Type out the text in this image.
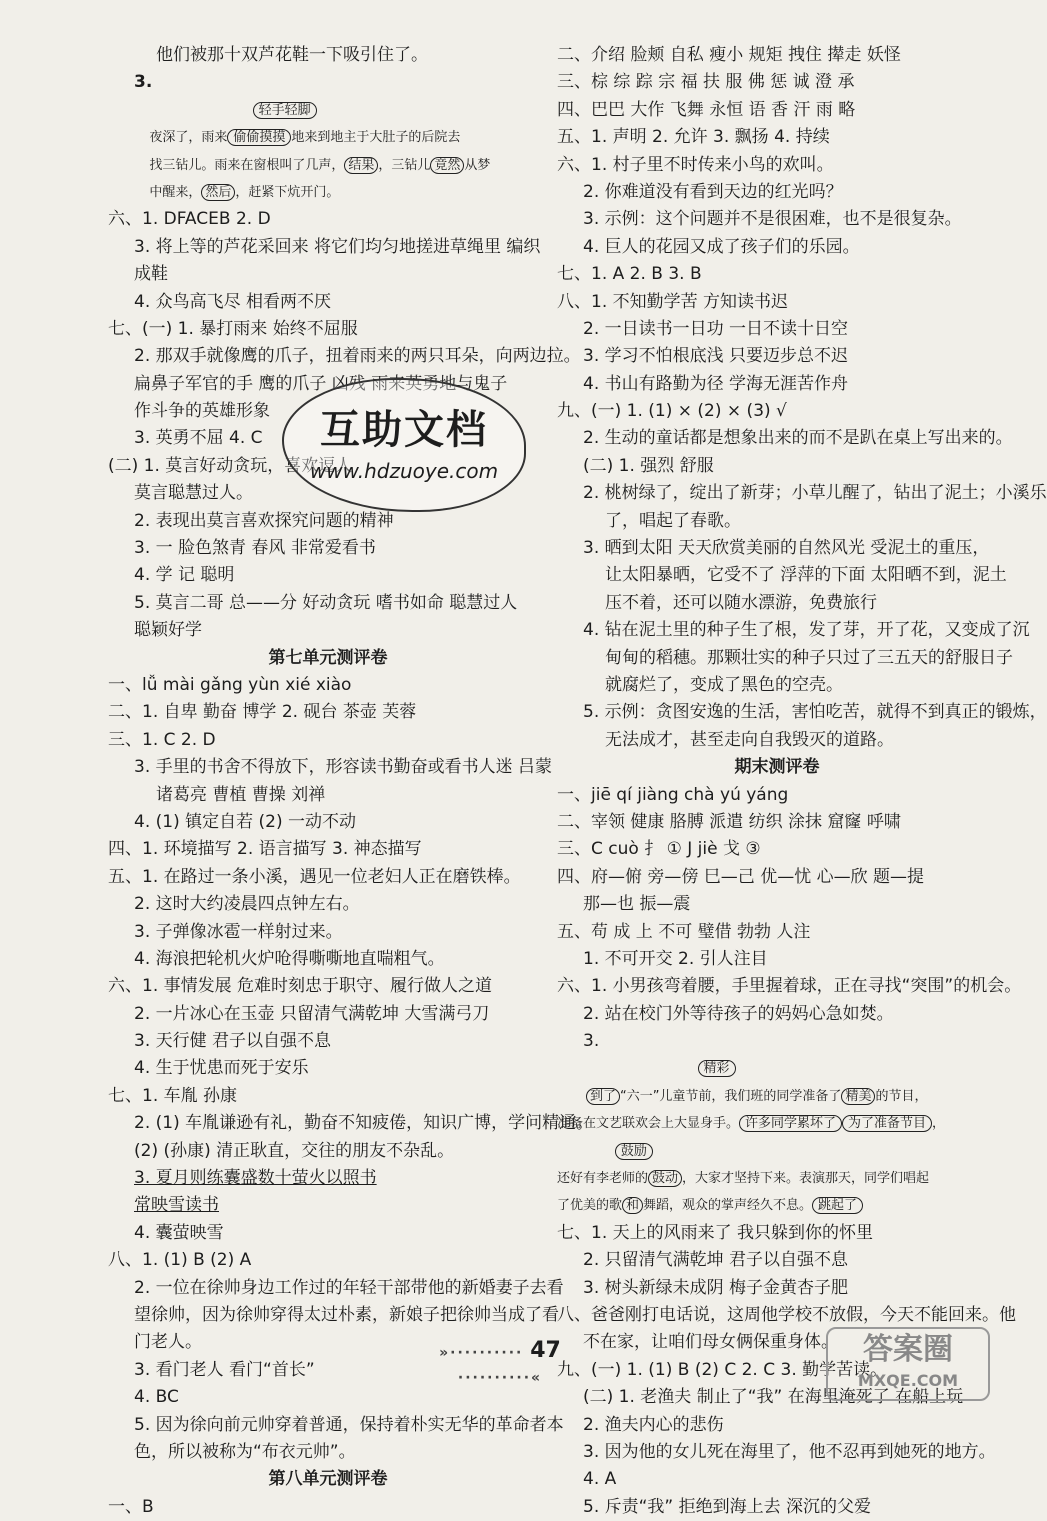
他们被那十双芦花鞋一下吸引住了。
3.
轻手轻脚
夜深了，雨来 偷偷摸摸 地来到地主于大肚子的后院去
找三钻儿。雨来在窗根叫了几声， 结果 ，三钻儿 竟然 从梦
中醒来， 然后 ，赶紧下炕开门。
六、1. DFACEB 2. D
3. 将上等的芦花采回来 将它们均匀地搓进草绳里 编织
成鞋
4. 众鸟高飞尽 相看两不厌
七、(一) 1. 暴打雨来 始终不屈服
2. 那双手就像鹰的爪子，扭着雨来的两只耳朵，向两边拉。
扁鼻子军官的手 鹰的爪子 凶残 雨来英勇地与鬼子
作斗争的英雄形象
3. 英勇不屈 4. C
(二) 1. 莫言好动贪玩，喜欢逗人
莫言聪慧过人。
2. 表现出莫言喜欢探究问题的精神
3. 一 脸色煞青 春风 非常爱看书
4. 学 记 聪明
5. 莫言二哥 总——分 好动贪玩 嗜书如命 聪慧过人
聪颖好学
第七单元测评卷
一、lǚ mài gǎng yùn xié xiào
二、1. 自卑 勤奋 博学 2. 砚台 茶壶 芙蓉
三、1. C 2. D
3. 手里的书舍不得放下，形容读书勤奋或看书人迷 吕蒙
诸葛亮 曹植 曹操 刘禅
4. (1) 镇定自若 (2) 一动不动
四、1. 环境描写 2. 语言描写 3. 神态描写
五、1. 在路过一条小溪，遇见一位老妇人正在磨铁棒。
2. 这时大约凌晨四点钟左右。
3. 子弹像冰雹一样射过来。
4. 海浪把轮机火炉呛得嘶嘶地直喘粗气。
六、1. 事情发展 危难时刻忠于职守、履行做人之道
2. 一片冰心在玉壶 只留清气满乾坤 大雪满弓刀
3. 天行健 君子以自强不息
4. 生于忧患而死于安乐
七、1. 车胤 孙康
2. (1) 车胤谦逊有礼，勤奋不知疲倦，知识广博，学问精通。
(2) (孙康) 清正耿直，交往的朋友不杂乱。
3. 夏月则练囊盛数十萤火以照书
常映雪读书
4. 囊萤映雪
八、1. (1) B (2) A
2. 一位在徐帅身边工作过的年轻干部带他的新婚妻子去看
望徐帅，因为徐帅穿得太过朴素，新娘子把徐帅当成了看
门老人。
3. 看门老人 看门“首长”
4. BC
5. 因为徐向前元帅穿着普通，保持着朴实无华的革命者本
色，所以被称为“布衣元帅”。
第八单元测评卷
一、B
二、介绍 脸颊 自私 瘦小 规矩 拽住 撵走 妖怪
三、棕 综 踪 宗 福 扶 服 佛 惩 诚 澄 承
四、巴巴 大作 飞舞 永恒 语 香 汗 雨 略
五、1. 声明 2. 允许 3. 飘扬 4. 持续
六、1. 村子里不时传来小鸟的欢叫。
2. 你难道没有看到天边的红光吗？
3. 示例：这个问题并不是很困难，也不是很复杂。
4. 巨人的花园又成了孩子们的乐园。
七、1. A 2. B 3. B
八、1. 不知勤学苦 方知读书迟
2. 一日读书一日功 一日不读十日空
3. 学习不怕根底浅 只要迈步总不迟
4. 书山有路勤为径 学海无涯苦作舟
九、(一) 1. (1) × (2) × (3) √
2. 生动的童话都是想象出来的而不是趴在桌上写出来的。
(二) 1. 强烈 舒服
2. 桃树绿了，绽出了新芽；小草儿醒了，钻出了泥土；小溪乐
了，唱起了春歌。
3. 晒到太阳 天天欣赏美丽的自然风光 受泥土的重压，
让太阳暴晒，它受不了 浮萍的下面 太阳晒不到，泥土
压不着，还可以随水漂游，免费旅行
4. 钻在泥土里的种子生了根，发了芽，开了花，又变成了沉
甸甸的稻穗。那颗壮实的种子只过了三五天的舒服日子
就腐烂了，变成了黑色的空壳。
5. 示例：贪图安逸的生活，害怕吃苦，就得不到真正的锻炼，
无法成才，甚至走向自我毁灭的道路。
期末测评卷
一、jiē qí jiàng chà yú yáng
二、宰领 健康 胳膊 派遣 纺织 涂抹 窟窿 呼啸
三、C cuò 扌 ① J jiè 戈 ③
四、府—俯 旁—傍 巳—己 优—忧 心—欣 题—提
那—也 振—震
五、苟 成 上 不可 璧借 勃勃 人注
1. 不可开交 2. 引人注目
六、1. 小男孩弯着腰，手里握着球，正在寻找“突围”的机会。
2. 站在校门外等待孩子的妈妈心急如焚。
3.
精彩
到了 “六一”儿童节前，我们班的同学准备了 精美 的节目，
准备在文艺联欢会上大显身手。 许多同学累坏了 为了准备节目 ，
鼓励
还好有李老师的 鼓动 ，大家才坚持下来。表演那天，同学们唱起
了优美的歌 和 舞蹈，观众的掌声经久不息。 跳起了
七、1. 天上的风雨来了 我只躲到你的怀里
2. 只留清气满乾坤 君子以自强不息
3. 树头新绿未成阴 梅子金黄杏子肥
八、爸爸刚打电话说，这周他学校不放假，今天不能回来。他
不在家，让咱们母女俩保重身体。
九、(一) 1. (1) B (2) C 2. C 3. 勤学苦读。
(二) 1. 老渔夫 制止了“我” 在海里淹死了 在船上玩
2. 渔夫内心的悲伤
3. 因为他的女儿死在海里了，他不忍再到她死的地方。
4. A
5. 斥责“我” 拒绝到海上去 深沉的父爱
互助文档
www.hdzuoye.com
»·········· 47 ··········«
答案圈
MXQE.COM
